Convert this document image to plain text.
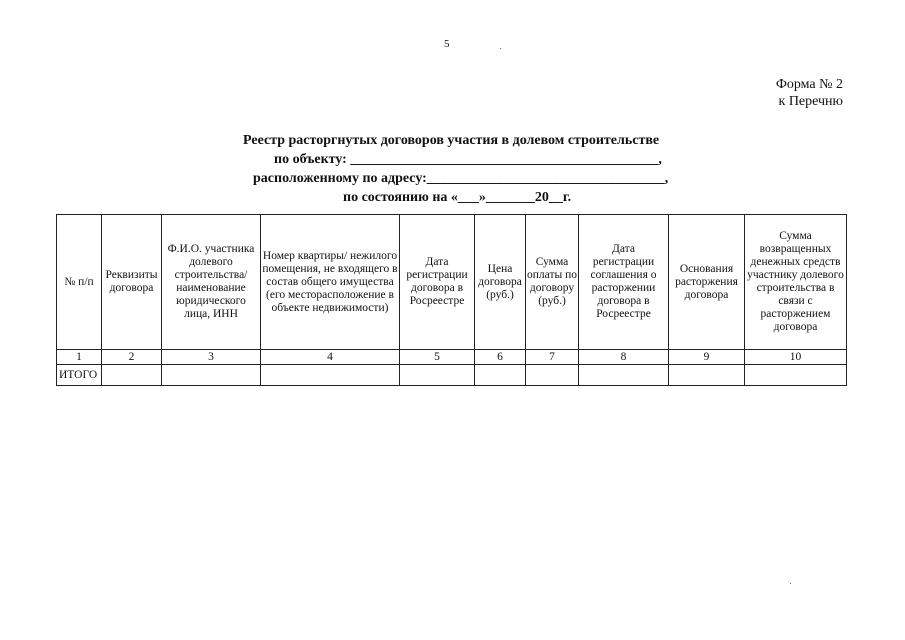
5
Форма № 2
к Перечню
Реестр расторгнутых договоров участия в долевом строительстве
по объекту: ____________________________________________,
расположенному по адресу:__________________________________,
по состоянию на «___»_______20__г.
№ п/п	Реквизиты договора	Ф.И.О. участника долевого строительства/ наименование юридического лица, ИНН	Номер квартиры/ нежилого помещения, не входящего в состав общего имущества (его месторасположение в объекте недвижимости)	Дата регистрации договора в Росреестре	Цена договора (руб.)	Сумма оплаты по договору (руб.)	Дата регистрации соглашения о расторжении договора в Росреестре	Основания расторжения договора	Сумма возвращенных денежных средств участнику долевого строительства в связи с расторжением договора
1	2	3	4	5	6	7	8	9	10
ИТОГО									
